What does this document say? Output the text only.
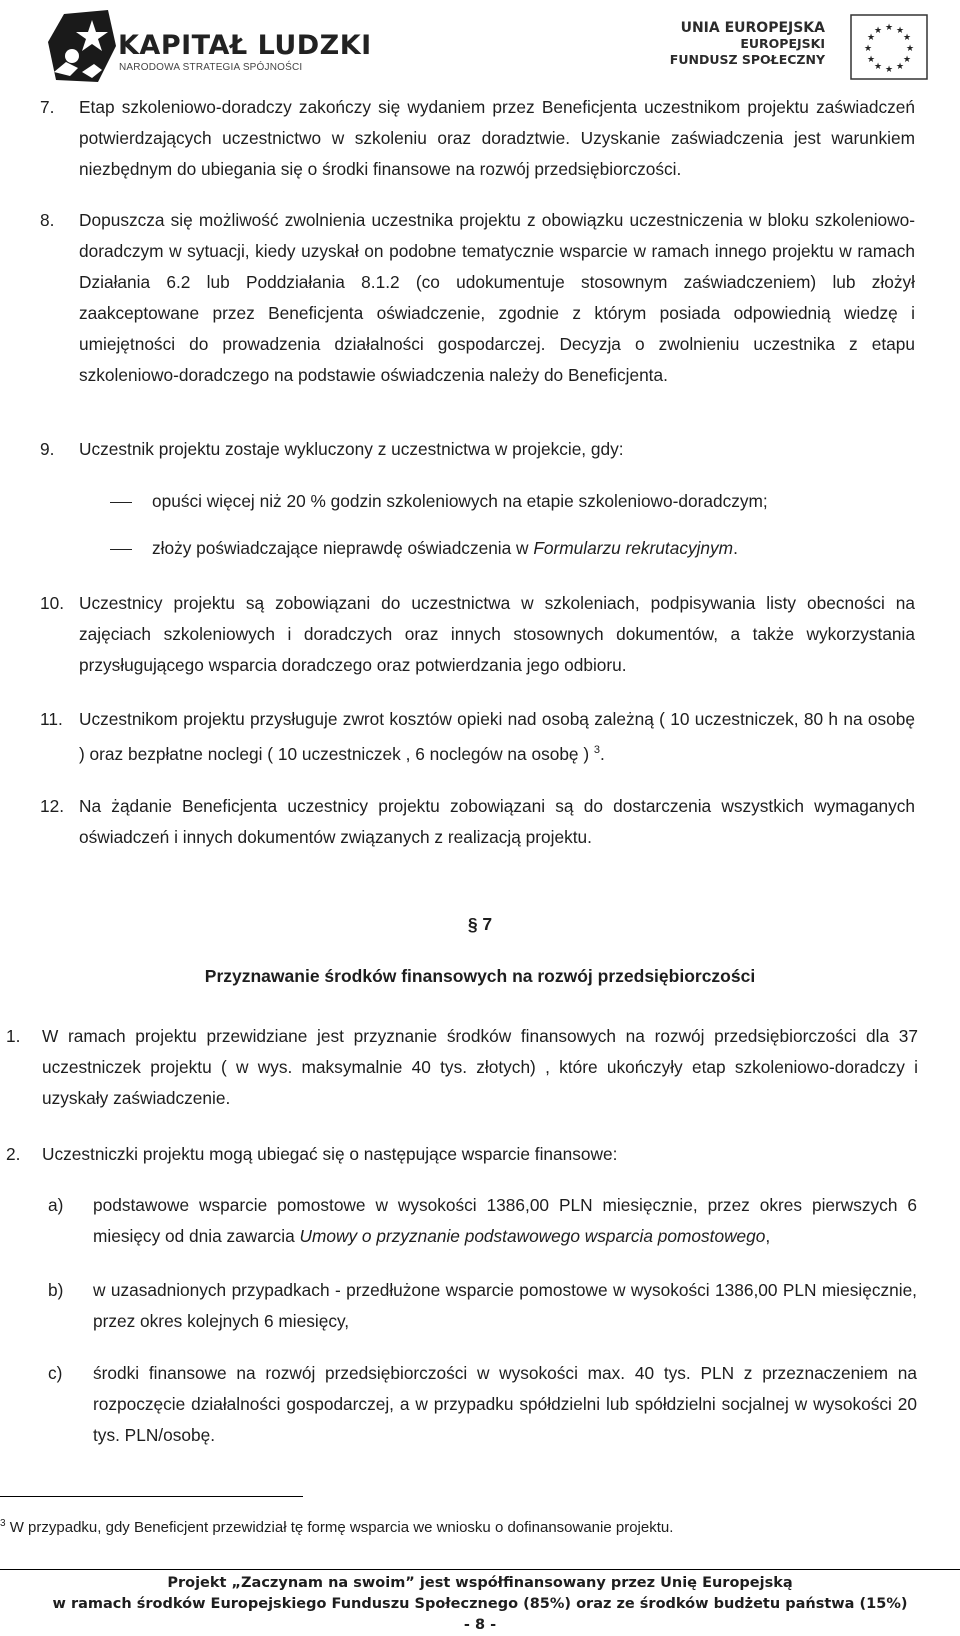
KAPITAŁ LUDZKI
NARODOWA STRATEGIA SPÓJNOŚCI
UNIA EUROPEJSKA
EUROPEJSKI
FUNDUSZ SPOŁECZNY
★ ★
★
★
★
★
★
★
★
★
★
★
7. Etap szkoleniowo-doradczy zakończy się wydaniem przez Beneficjenta uczestnikom projektu zaświadczeń potwierdzających uczestnictwo w szkoleniu oraz doradztwie. Uzyskanie zaświadczenia jest warunkiem niezbędnym do ubiegania się o środki finansowe na rozwój przedsiębiorczości.
8. Dopuszcza się możliwość zwolnienia uczestnika projektu z obowiązku uczestniczenia w bloku szkoleniowo-doradczym w sytuacji, kiedy uzyskał on podobne tematycznie wsparcie w ramach innego projektu w ramach Działania 6.2 lub Poddziałania 8.1.2 (co udokumentuje stosownym zaświadczeniem) lub złożył zaakceptowane przez Beneficjenta oświadczenie, zgodnie z którym posiada odpowiednią wiedzę i umiejętności do prowadzenia działalności gospodarczej. Decyzja o zwolnieniu uczestnika z etapu szkoleniowo-doradczego na podstawie oświadczenia należy do Beneficjenta.
9. Uczestnik projektu zostaje wykluczony z uczestnictwa w projekcie, gdy:
opuści więcej niż 20 % godzin szkoleniowych na etapie szkoleniowo-doradczym;
złoży poświadczające nieprawdę oświadczenia w Formularzu rekrutacyjnym.
10. Uczestnicy projektu są zobowiązani do uczestnictwa w szkoleniach, podpisywania listy obecności na zajęciach szkoleniowych i doradczych oraz innych stosownych dokumentów, a także wykorzystania przysługującego wsparcia doradczego oraz potwierdzania jego odbioru.
11. Uczestnikom projektu przysługuje zwrot kosztów opieki nad osobą zależną ( 10 uczestniczek, 80 h na osobę ) oraz bezpłatne noclegi ( 10 uczestniczek , 6 noclegów na osobę ) $^3$.
12. Na żądanie Beneficjenta uczestnicy projektu zobowiązani są do dostarczenia wszystkich wymaganych oświadczeń i innych dokumentów związanych z realizacją projektu.
§ 7
Przyznawanie środków finansowych na rozwój przedsiębiorczości
1. W ramach projektu przewidziane jest przyznanie środków finansowych na rozwój przedsiębiorczości dla 37 uczestniczek projektu ( w wys. maksymalnie 40 tys. złotych) , które ukończyły etap szkoleniowo-doradczy i uzyskały zaświadczenie.
2. Uczestniczki projektu mogą ubiegać się o następujące wsparcie finansowe:
a) podstawowe wsparcie pomostowe w wysokości 1386,00 PLN miesięcznie, przez okres pierwszych 6 miesięcy od dnia zawarcia Umowy o przyznanie podstawowego wsparcia pomostowego,
b) w uzasadnionych przypadkach - przedłużone wsparcie pomostowe w wysokości 1386,00 PLN miesięcznie, przez okres kolejnych 6 miesięcy,
c) środki finansowe na rozwój przedsiębiorczości w wysokości max. 40 tys. PLN z przeznaczeniem na rozpoczęcie działalności gospodarczej, a w przypadku spółdzielni lub spółdzielni socjalnej w wysokości 20 tys. PLN/osobę.
$^3$ W przypadku, gdy Beneficjent przewidział tę formę wsparcia we wniosku o dofinansowanie projektu.
Projekt „Zaczynam na swoim” jest współfinansowany przez Unię Europejską
w ramach środków Europejskiego Funduszu Społecznego (85%) oraz ze środków budżetu państwa (15%)
- 8 -
